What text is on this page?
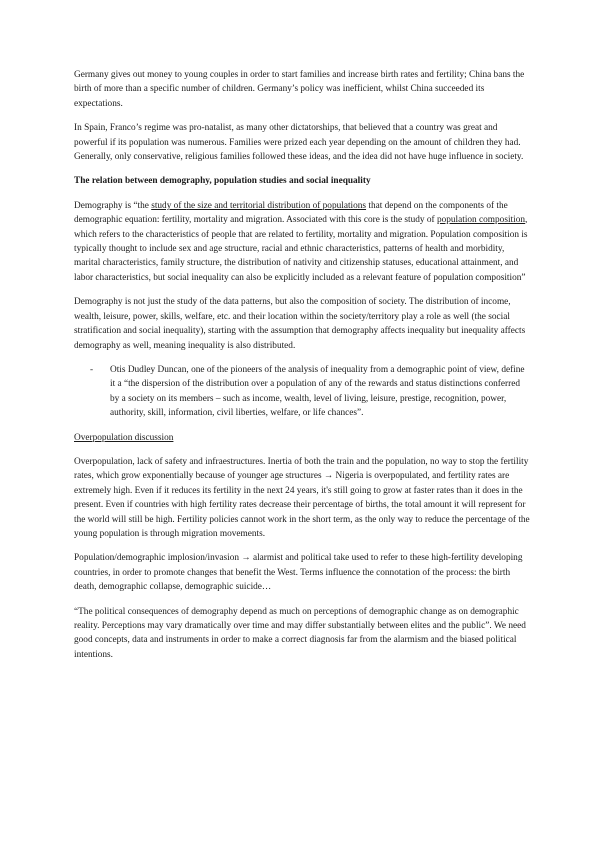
Germany gives out money to young couples in order to start families and increase birth rates and fertility; China bans the birth of more than a specific number of children. Germany’s policy was inefficient, whilst China succeeded its expectations.

In Spain, Franco’s regime was pro-natalist, as many other dictatorships, that believed that a country was great and powerful if its population was numerous. Families were prized each year depending on the amount of children they had. Generally, only conservative, religious families followed these ideas, and the idea did not have huge influence in society.

The relation between demography, population studies and social inequality

Demography is “the study of the size and territorial distribution of populations that depend on the components of the demographic equation: fertility, mortality and migration. Associated with this core is the study of population composition, which refers to the characteristics of people that are related to fertility, mortality and migration. Population composition is typically thought to include sex and age structure, racial and ethnic characteristics, patterns of health and morbidity, marital characteristics, family structure, the distribution of nativity and citizenship statuses, educational attainment, and labor characteristics, but social inequality can also be explicitly included as a relevant feature of population composition”

Demography is not just the study of the data patterns, but also the composition of society. The distribution of income, wealth, leisure, power, skills, welfare, etc. and their location within the society/territory play a role as well (the social stratification and social inequality), starting with the assumption that demography affects inequality but inequality affects demography as well, meaning inequality is also distributed.

-	Otis Dudley Duncan, one of the pioneers of the analysis of inequality from a demographic point of view, define it a “the dispersion of the distribution over a population of any of the rewards and status distinctions conferred by a society on its members – such as income, wealth, level of living, leisure, prestige, recognition, power, authority, skill, information, civil liberties, welfare, or life chances”.

Overpopulation discussion

Overpopulation, lack of safety and infraestructures. Inertia of both the train and the population, no way to stop the fertility rates, which grow exponentially because of younger age structures → Nigeria is overpopulated, and fertility rates are extremely high. Even if it reduces its fertility in the next 24 years, it's still going to grow at faster rates than it does in the present. Even if countries with high fertility rates decrease their percentage of births, the total amount it will represent for the world will still be high. Fertility policies cannot work in the short term, as the only way to reduce the percentage of the young population is through migration movements.

Population/demographic implosion/invasion → alarmist and political take used to refer to these high-fertility developing countries, in order to promote changes that benefit the West. Terms influence the connotation of the process: the birth death, demographic collapse, demographic suicide…

“The political consequences of demography depend as much on perceptions of demographic change as on demographic reality. Perceptions may vary dramatically over time and may differ substantially between elites and the public”. We need good concepts, data and instruments in order to make a correct diagnosis far from the alarmism and the biased political intentions.
